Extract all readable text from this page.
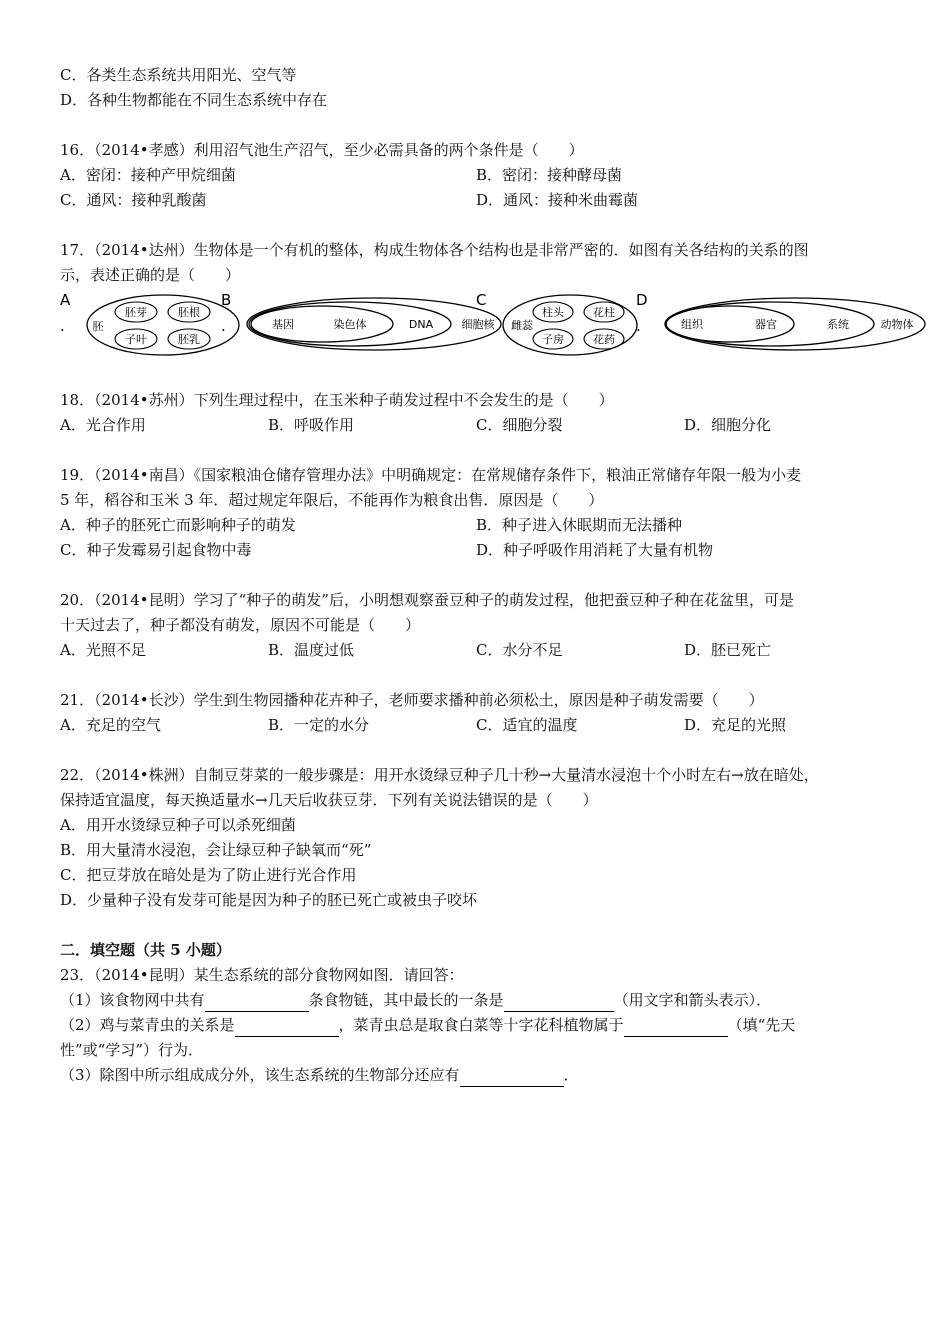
C．各类生态系统共用阳光、空气等
D．各种生物都能在不同生态系统中存在
16．（2014•孝感）利用沼气池生产沼气，至少必需具备的两个条件是（　　）
A．密闭：接种产甲烷细菌	B．密闭：接种酵母菌
C．通风：接种乳酸菌	D．通风：接种米曲霉菌
17．（2014•达州）生物体是一个有机的整体，构成生物体各个结构也是非常严密的．如图有关各结构的关系的图
示，表述正确的是（　　）
A
.	胚
胚芽	胚根
子叶	胚乳
B
.	基因	染色体	DNA	细胞核
C
雌蕊
柱头	花柱
子房	花药
D
.	组织	器官	系统	动物体
18．（2014•苏州）下列生理过程中，在玉米种子萌发过程中不会发生的是（　　）
A．光合作用	B．呼吸作用	C．细胞分裂	D．细胞分化
19．（2014•南昌）《国家粮油仓储存管理办法》中明确规定：在常规储存条件下，粮油正常储存年限一般为小麦
5 年，稻谷和玉米 3 年．超过规定年限后，不能再作为粮食出售．原因是（　　）
A．种子的胚死亡而影响种子的萌发	B．种子进入休眠期而无法播种
C．种子发霉易引起食物中毒	D．种子呼吸作用消耗了大量有机物
20．（2014•昆明）学习了“种子的萌发”后，小明想观察蚕豆种子的萌发过程，他把蚕豆种子种在花盆里，可是
十天过去了，种子都没有萌发，原因不可能是（　　）
A．光照不足	B．温度过低	C．水分不足	D．胚已死亡
21．（2014•长沙）学生到生物园播种花卉种子，老师要求播种前必须松土，原因是种子萌发需要（　　）
A．充足的空气	B．一定的水分	C．适宜的温度	D．充足的光照
22．（2014•株洲）自制豆芽菜的一般步骤是：用开水烫绿豆种子几十秒→大量清水浸泡十个小时左右→放在暗处，
保持适宜温度，每天换适量水→几天后收获豆芽．下列有关说法错误的是（　　）
A．用开水烫绿豆种子可以杀死细菌
B．用大量清水浸泡，会让绿豆种子缺氧而“死”
C．把豆芽放在暗处是为了防止进行光合作用
D．少量种子没有发芽可能是因为种子的胚已死亡或被虫子咬坏
二．填空题（共 5 小题）
23．（2014•昆明）某生态系统的部分食物网如图．请回答：
（1）该食物网中共有	条食物链，其中最长的一条是	（用文字和箭头表示）．
（2）鸡与菜青虫的关系是	，菜青虫总是取食白菜等十字花科植物属于	（填“先天
性”或“学习”）行为．
（3）除图中所示组成成分外，该生态系统的生物部分还应有	．
